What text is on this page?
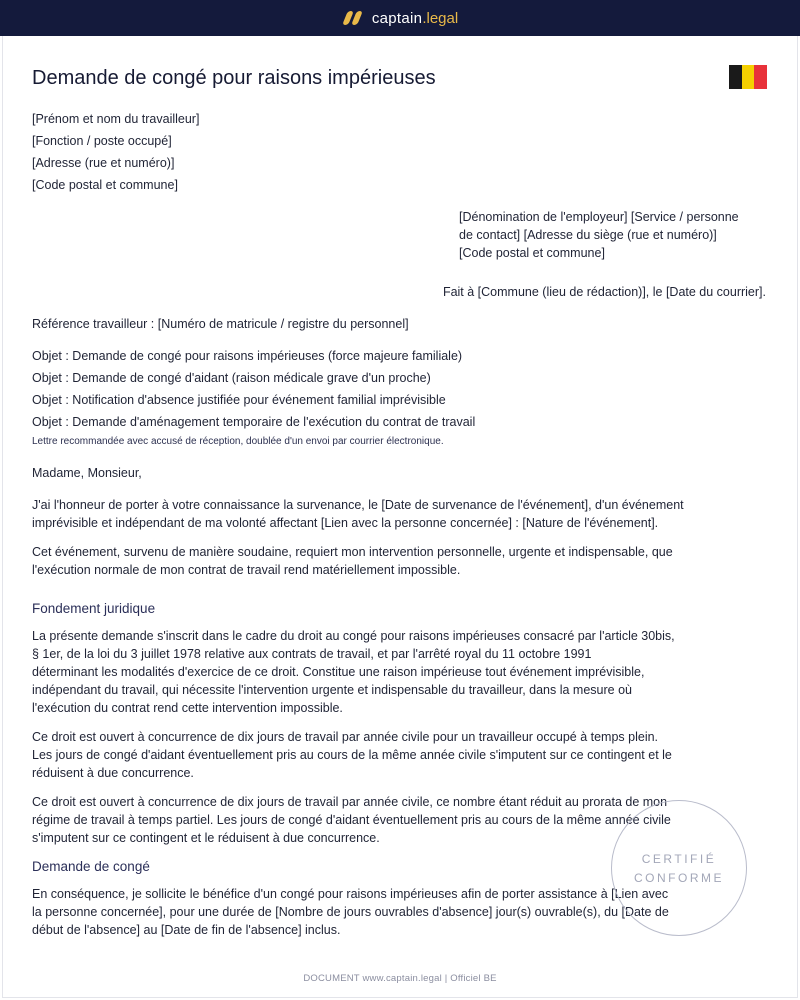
captain .legal
Demande de congé pour raisons impérieuses

[Prénom et nom du travailleur]

[Fonction / poste occupé]

[Adresse (rue et numéro)]

[Code postal et commune]

[Dénomination de l'employeur] [Service / personne

de contact] [Adresse du siège (rue et numéro)]

[Code postal et commune]

Fait à [Commune (lieu de rédaction)], le [Date du courrier].

Référence travailleur : [Numéro de matricule / registre du personnel]

Objet : Demande de congé pour raisons impérieuses (force majeure familiale)

Objet : Demande de congé d'aidant (raison médicale grave d'un proche)

Objet : Notification d'absence justifiée pour événement familial imprévisible

Objet : Demande d'aménagement temporaire de l'exécution du contrat de travail

Lettre recommandée avec accusé de réception, doublée d'un envoi par courrier électronique.

Madame, Monsieur,

J'ai l'honneur de porter à votre connaissance la survenance, le [Date de survenance de l'événement], d'un événement

imprévisible et indépendant de ma volonté affectant [Lien avec la personne concernée] : [Nature de l'événement].

Cet événement, survenu de manière soudaine, requiert mon intervention personnelle, urgente et indispensable, que

l'exécution normale de mon contrat de travail rend matériellement impossible.

Fondement juridique

La présente demande s'inscrit dans le cadre du droit au congé pour raisons impérieuses consacré par l'article 30bis,

§ 1er, de la loi du 3 juillet 1978 relative aux contrats de travail, et par l'arrêté royal du 11 octobre 1991

déterminant les modalités d'exercice de ce droit. Constitue une raison impérieuse tout événement imprévisible,

indépendant du travail, qui nécessite l'intervention urgente et indispensable du travailleur, dans la mesure où

l'exécution du contrat rend cette intervention impossible.

Ce droit est ouvert à concurrence de dix jours de travail par année civile pour un travailleur occupé à temps plein.

Les jours de congé d'aidant éventuellement pris au cours de la même année civile s'imputent sur ce contingent et le

réduisent à due concurrence.

Ce droit est ouvert à concurrence de dix jours de travail par année civile, ce nombre étant réduit au prorata de mon

régime de travail à temps partiel. Les jours de congé d'aidant éventuellement pris au cours de la même année civile

s'imputent sur ce contingent et le réduisent à due concurrence.

Demande de congé

En conséquence, je sollicite le bénéfice d'un congé pour raisons impérieuses afin de porter assistance à [Lien avec

la personne concernée], pour une durée de [Nombre de jours ouvrables d'absence] jour(s) ouvrable(s), du [Date de

début de l'absence] au [Date de fin de l'absence] inclus.

CERTIFIÉ
CONFORME
DOCUMENT www.captain.legal | Officiel BE
